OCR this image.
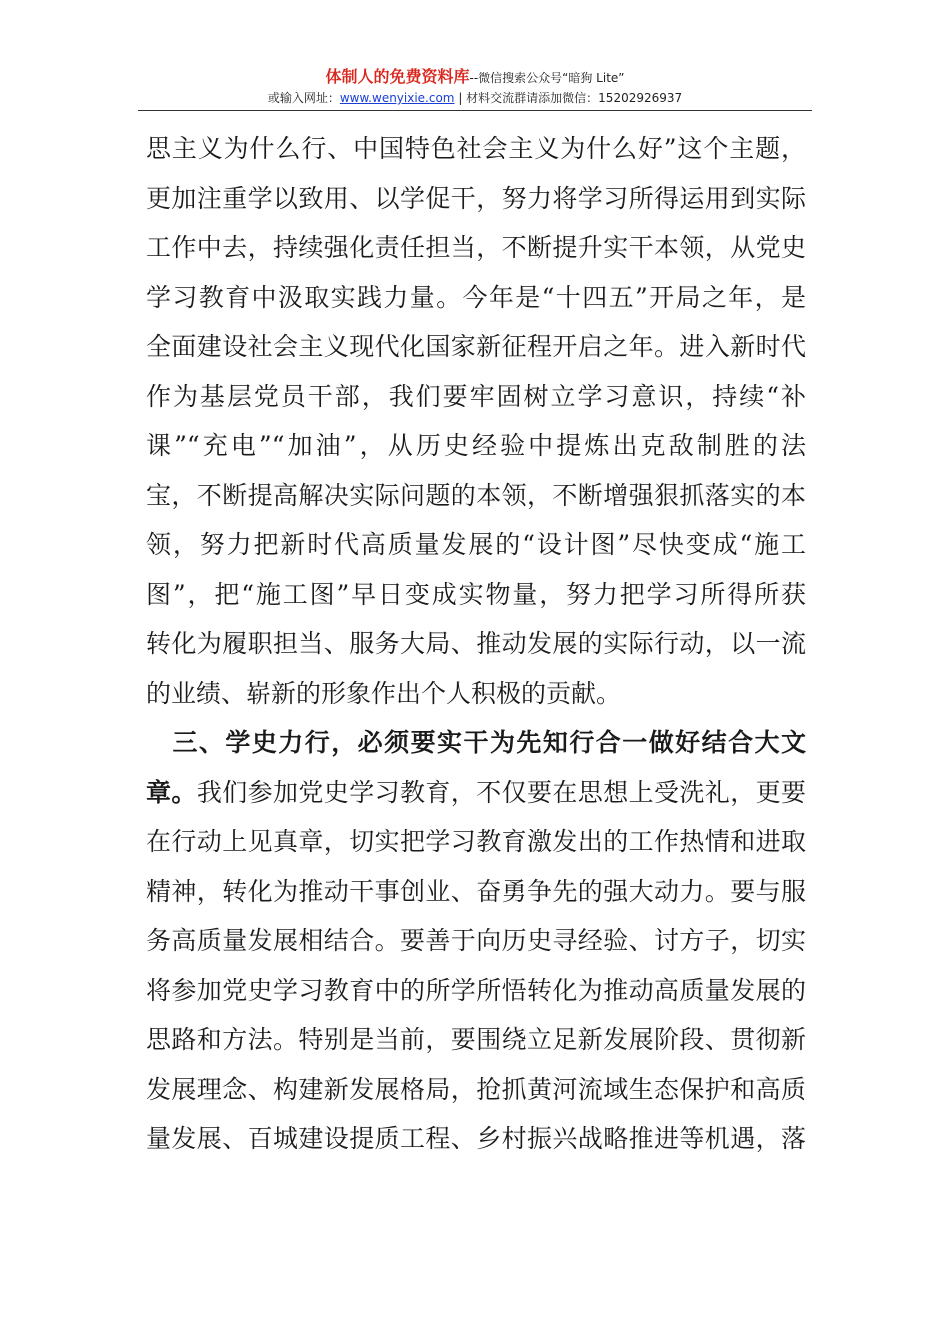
体制人的免费资料库--微信搜索公众号“暗狗 Lite”
或输入网址：www.wenyixie.com | 材料交流群请添加微信：15202926937
思主义为什么行、中国特色社会主义为什么好”这个主题，
更加注重学以致用、以学促干，努力将学习所得运用到实际
工作中去，持续强化责任担当，不断提升实干本领，从党史
学习教育中汲取实践力量。今年是“十四五”开局之年，是
全面建设社会主义现代化国家新征程开启之年。进入新时代
作为基层党员干部，我们要牢固树立学习意识，持续“补
课”“充电”“加油”，从历史经验中提炼出克敌制胜的法
宝，不断提高解决实际问题的本领，不断增强狠抓落实的本
领，努力把新时代高质量发展的“设计图”尽快变成“施工
图”，把“施工图”早日变成实物量，努力把学习所得所获
转化为履职担当、服务大局、推动发展的实际行动，以一流
的业绩、崭新的形象作出个人积极的贡献。
　三、学史力行，必须要实干为先知行合一做好结合大文
章。我们参加党史学习教育，不仅要在思想上受洗礼，更要
在行动上见真章，切实把学习教育激发出的工作热情和进取
精神，转化为推动干事创业、奋勇争先的强大动力。要与服
务高质量发展相结合。要善于向历史寻经验、讨方子，切实
将参加党史学习教育中的所学所悟转化为推动高质量发展的
思路和方法。特别是当前，要围绕立足新发展阶段、贯彻新
发展理念、构建新发展格局，抢抓黄河流域生态保护和高质
量发展、百城建设提质工程、乡村振兴战略推进等机遇，落
